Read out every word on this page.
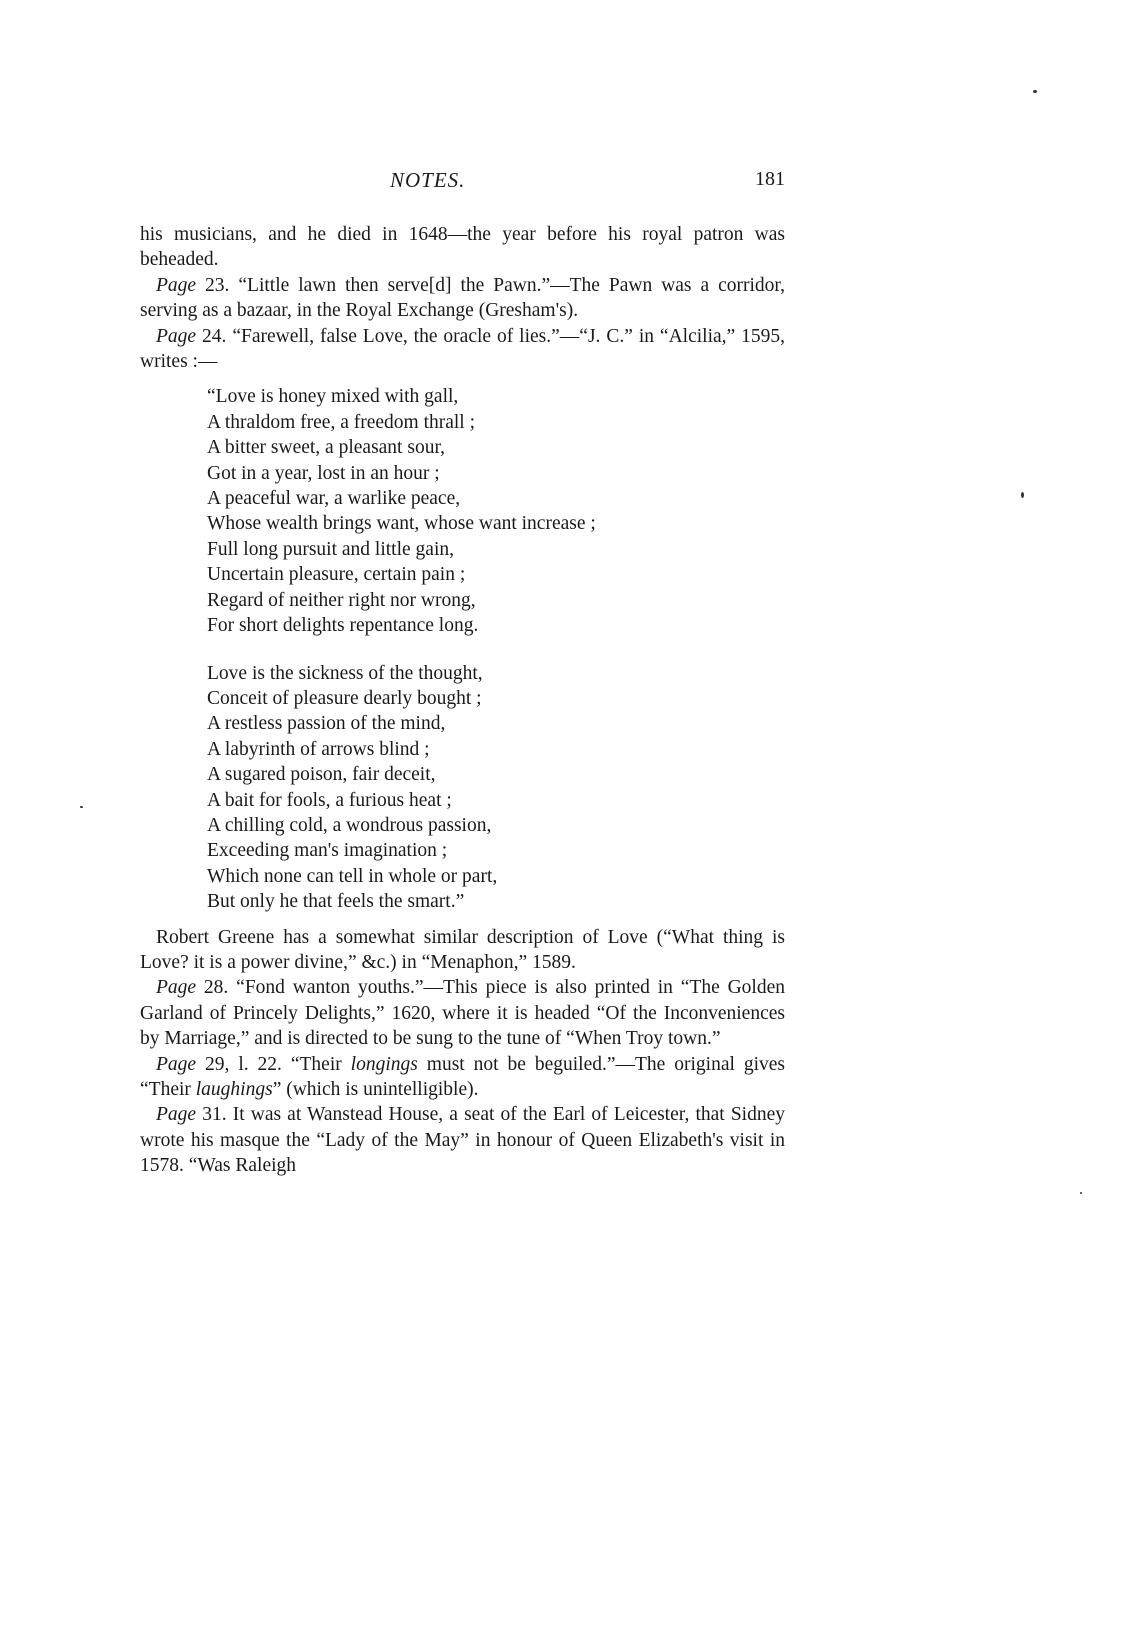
NOTES.	181

his musicians, and he died in 1648—the year before his royal patron was beheaded.

Page 23. “Little lawn then serve[d] the Pawn.”—The Pawn was a corridor, serving as a bazaar, in the Royal Exchange (Gresham's).

Page 24. “Farewell, false Love, the oracle of lies.”—“J. C.” in “Alcilia,” 1595, writes :—

“Love is honey mixed with gall,
A thraldom free, a freedom thrall ;
A bitter sweet, a pleasant sour,
Got in a year, lost in an hour ;
A peaceful war, a warlike peace,
Whose wealth brings want, whose want increase ;
Full long pursuit and little gain,
Uncertain pleasure, certain pain ;
Regard of neither right nor wrong,
For short delights repentance long.
Love is the sickness of the thought,
Conceit of pleasure dearly bought ;
A restless passion of the mind,
A labyrinth of arrows blind ;
A sugared poison, fair deceit,
A bait for fools, a furious heat ;
A chilling cold, a wondrous passion,
Exceeding man's imagination ;
Which none can tell in whole or part,
But only he that feels the smart.”

Robert Greene has a somewhat similar description of Love (“What thing is Love? it is a power divine,” &c.) in “Menaphon,” 1589.

Page 28. “Fond wanton youths.”—This piece is also printed in “The Golden Garland of Princely Delights,” 1620, where it is headed “Of the Inconveniences by Marriage,” and is directed to be sung to the tune of “When Troy town.”

Page 29, l. 22. “Their longings must not be beguiled.”—The original gives “Their laughings” (which is unintelligible).

Page 31. It was at Wanstead House, a seat of the Earl of Leicester, that Sidney wrote his masque the “Lady of the May” in honour of Queen Elizabeth's visit in 1578. “Was Raleigh
